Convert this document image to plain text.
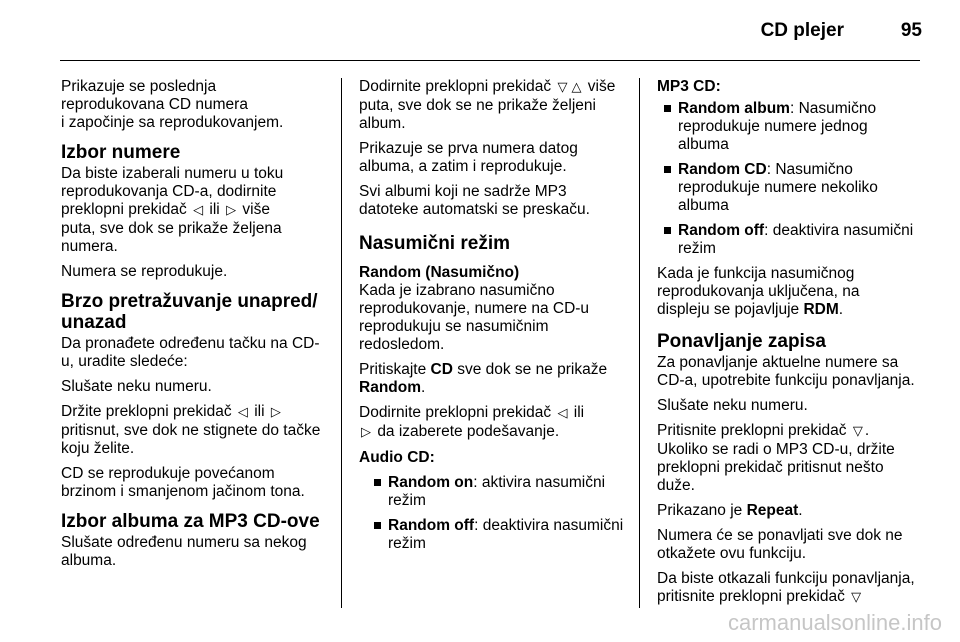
CD plejer	95

Prikazuje se poslednja
reprodukovana CD numera
i započinje sa reprodukovanjem.

Izbor numere

Da biste izaberali numeru u toku
reprodukovanja CD-a, dodirnite
preklopni prekidač ◁ ili ▷ više
puta, sve dok se prikaže željena
numera.

Numera se reprodukuje.

Brzo pretražuvanje unapred/
unazad

Da pronađete određenu tačku na CD-
u, uradite sledeće:

Slušate neku numeru.

Držite preklopni prekidač ◁ ili ▷
pritisnut, sve dok ne stignete do tačke
koju želite.

CD se reprodukuje povećanom
brzinom i smanjenom jačinom tona.

Izbor albuma za MP3 CD-ove

Slušate određenu numeru sa nekog
albuma.

Dodirnite preklopni prekidač ▽ △ više
puta, sve dok se ne prikaže željeni
album.

Prikazuje se prva numera datog
albuma, a zatim i reprodukuje.

Svi albumi koji ne sadrže MP3
datoteke automatski se preskaču.

Nasumični režim
Random (Nasumično)

Kada je izabrano nasumično
reprodukovanje, numere na CD-u
reprodukuju se nasumičnim
redosledom.

Pritiskajte CD sve dok se ne prikaže
Random.

Dodirnite preklopni prekidač ◁ ili
▷ da izaberete podešavanje.

Audio CD:
Random on: aktivira nasumični
režim
Random off: deaktivira nasumični
režim
MP3 CD:
Random album: Nasumično
reprodukuje numere jednog
albuma
Random CD: Nasumično
reprodukuje numere nekoliko
albuma
Random off: deaktivira nasumični
režim

Kada je funkcija nasumičnog
reprodukovanja uključena, na
displeju se pojavljuje RDM.

Ponavljanje zapisa

Za ponavljanje aktuelne numere sa
CD-a, upotrebite funkciju ponavljanja.

Slušate neku numeru.

Pritisnite preklopni prekidač ▽ .
Ukoliko se radi o MP3 CD-u, držite
preklopni prekidač pritisnut nešto
duže.

Prikazano je Repeat.

Numera će se ponavljati sve dok ne
otkažete ovu funkciju.

Da biste otkazali funkciju ponavljanja,
pritisnite preklopni prekidač ▽

carmanualsonline.info
